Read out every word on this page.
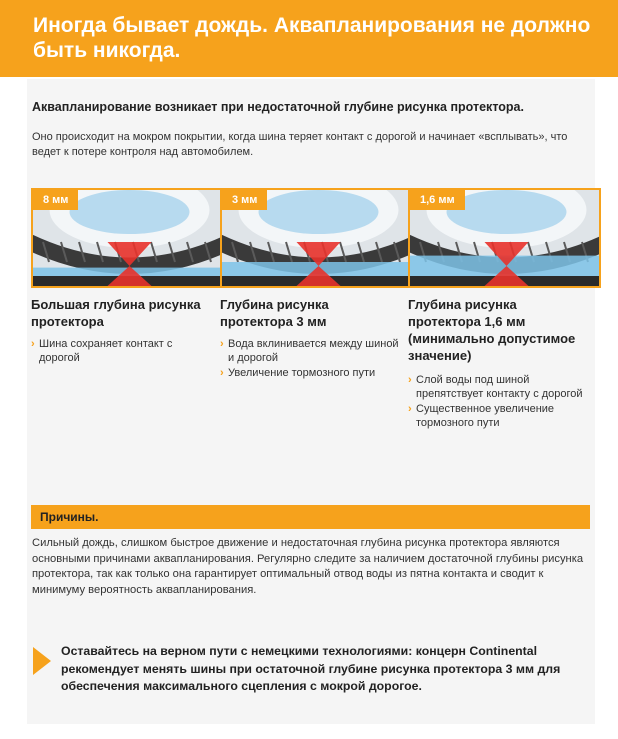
Иногда бывает дождь. Аквапланирования не должно быть никогда.

Аквапланирование возникает при недостаточной глубине рисунка протектора.

Оно происходит на мокром покрытии, когда шина теряет контакт с дорогой и начинает «всплывать», что ведет к потере контроля над автомобилем.

8 мм

Большая глубина рисунка протектора

› Шина сохраняет контакт с дорогой
3 мм

Глубина рисунка протектора 3 мм

› Вода вклинивается между шиной и дорогой
› Увеличение тормозного пути
1,6 мм

Глубина рисунка протектора 1,6 мм (минимально допустимое значение)

› Слой воды под шиной препятствует контакту с дорогой
› Существенное увеличение тормозного пути
Причины.

Сильный дождь, слишком быстрое движение и недостаточная глубина рисунка протектора являются основными причинами аквапланирования. Регулярно следите за наличием достаточной глубины рисунка протектора, так как только она гарантирует оптимальный отвод воды из пятна контакта и сводит к минимуму вероятность аквапланирования.

Оставайтесь на верном пути с немецкими технологиями: концерн Continental рекомендует менять шины при остаточной глубине рисунка протектора 3 мм для обеспечения максимального сцепления с мокрой дорогое.
